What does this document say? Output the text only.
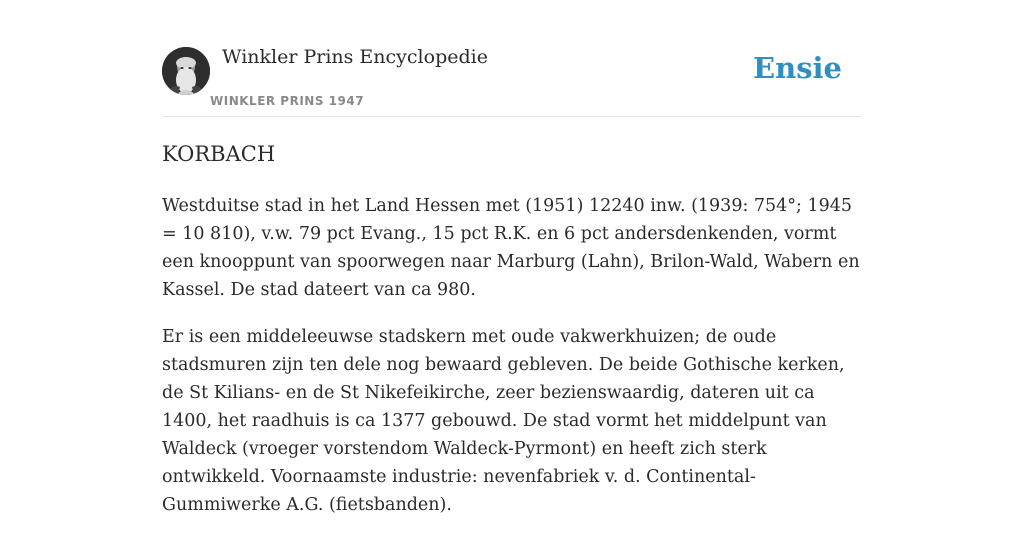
Winkler Prins Encyclopedie
WINKLER PRINS 1947
Ensie
KORBACH

Westduitse stad in het Land Hessen met (1951) 12240 inw. (1939: 754°; 1945 = 10 810), v.w. 79 pct Evang., 15 pct R.K. en 6 pct andersdenkenden, vormt een knooppunt van spoorwegen naar Marburg (Lahn), Brilon-Wald, Wabern en Kassel. De stad dateert van ca 980.

Er is een middeleeuwse stadskern met oude vakwerkhuizen; de oude stadsmuren zijn ten dele nog bewaard gebleven. De beide Gothische kerken, de St Kilians- en de St Nikefeikirche, zeer bezienswaardig, dateren uit ca 1400, het raadhuis is ca 1377 gebouwd. De stad vormt het middelpunt van Waldeck (vroeger vorstendom Waldeck-Pyrmont) en heeft zich sterk ontwikkeld. Voornaamste industrie: nevenfabriek v. d. Continental-Gummiwerke A.G. (fietsbanden).
